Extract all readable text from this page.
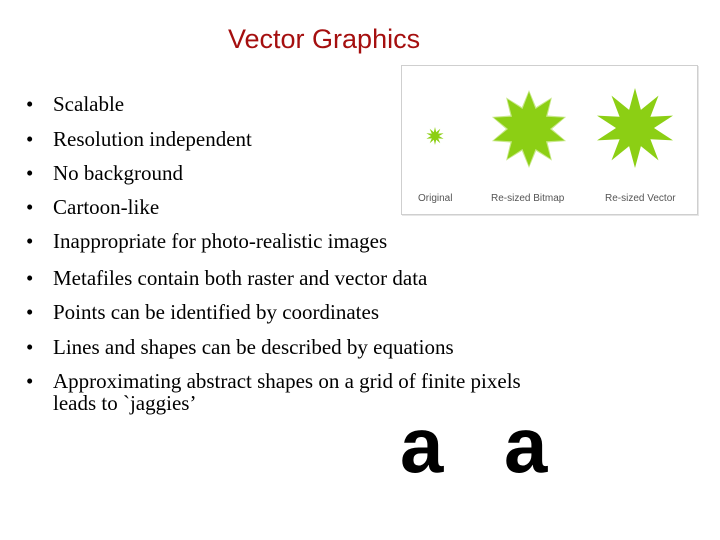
Vector Graphics
• Scalable
• Resolution independent
• No background
• Cartoon-like
• Inappropriate for photo-realistic images
• Metafiles contain both raster and vector data
• Points can be identified by coordinates
• Lines and shapes can be described by equations
• Approximating abstract shapes on a grid of finite pixels
leads to `jaggies’
Original	Re-sized Bitmap	Re-sized Vector
a a
